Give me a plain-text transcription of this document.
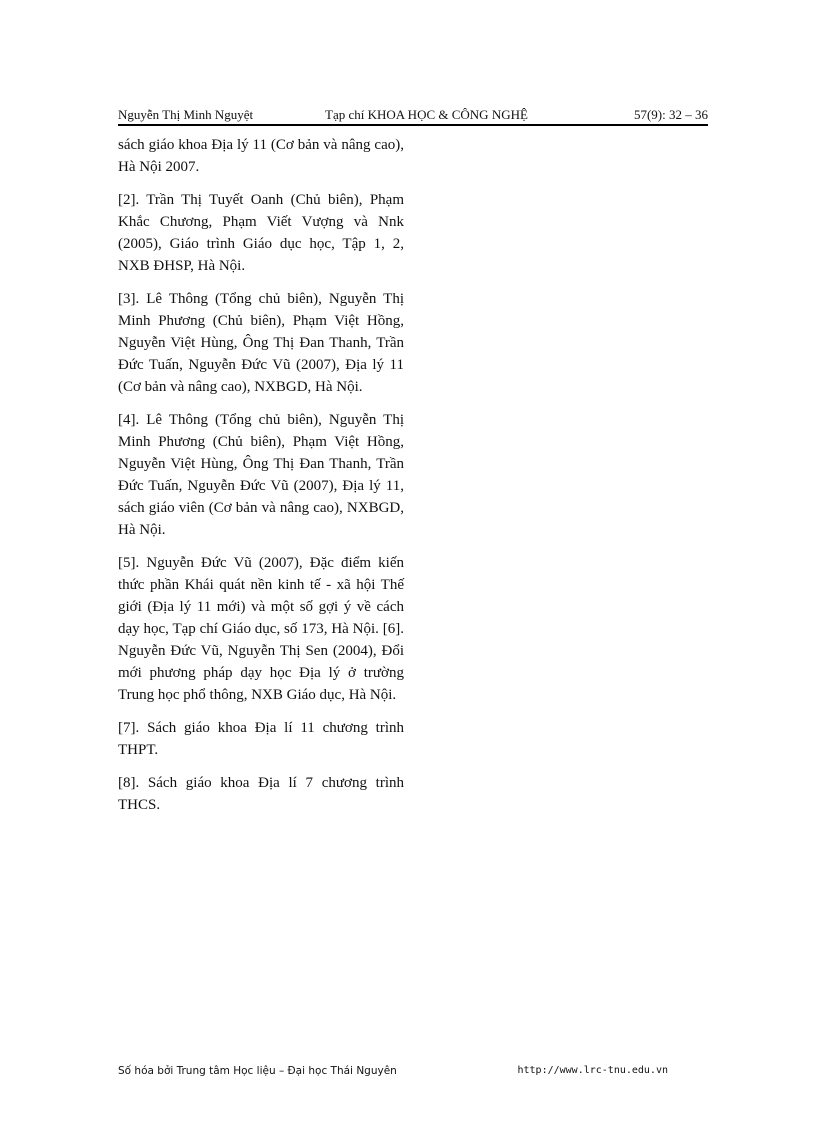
Nguyễn Thị Minh Nguyệt	Tạp chí KHOA HỌC & CÔNG NGHỆ	57(9): 32 – 36

sách giáo khoa Địa lý 11 (Cơ bản và nâng cao), Hà Nội 2007.

[2]. Trần Thị Tuyết Oanh (Chủ biên), Phạm Khắc Chương, Phạm Viết Vượng và Nnk (2005), Giáo trình Giáo dục học, Tập 1, 2, NXB ĐHSP, Hà Nội.

[3]. Lê Thông (Tổng chủ biên), Nguyễn Thị Minh Phương (Chủ biên), Phạm Việt Hồng, Nguyễn Việt Hùng, Ông Thị Đan Thanh, Trần Đức Tuấn, Nguyễn Đức Vũ (2007), Địa lý 11 (Cơ bản và nâng cao), NXBGD, Hà Nội.

[4]. Lê Thông (Tổng chủ biên), Nguyễn Thị Minh Phương (Chủ biên), Phạm Việt Hồng, Nguyễn Việt Hùng, Ông Thị Đan Thanh, Trần Đức Tuấn, Nguyễn Đức Vũ (2007), Địa lý 11, sách giáo viên (Cơ bản và nâng cao), NXBGD, Hà Nội.

[5]. Nguyễn Đức Vũ (2007), Đặc điểm kiến thức phần Khái quát nền kinh tế - xã hội Thế giới (Địa lý 11 mới) và một số gợi ý về cách dạy học, Tạp chí Giáo dục, số 173, Hà Nội. [6]. Nguyễn Đức Vũ, Nguyễn Thị Sen (2004), Đổi mới phương pháp dạy học Địa lý ở trường Trung học phổ thông, NXB Giáo dục, Hà Nội.

[7]. Sách giáo khoa Địa lí 11 chương trình THPT.

[8]. Sách giáo khoa Địa lí 7 chương trình THCS.

Số hóa bởi Trung tâm Học liệu – Đại học Thái Nguyên	http://www.lrc-tnu.edu.vn
